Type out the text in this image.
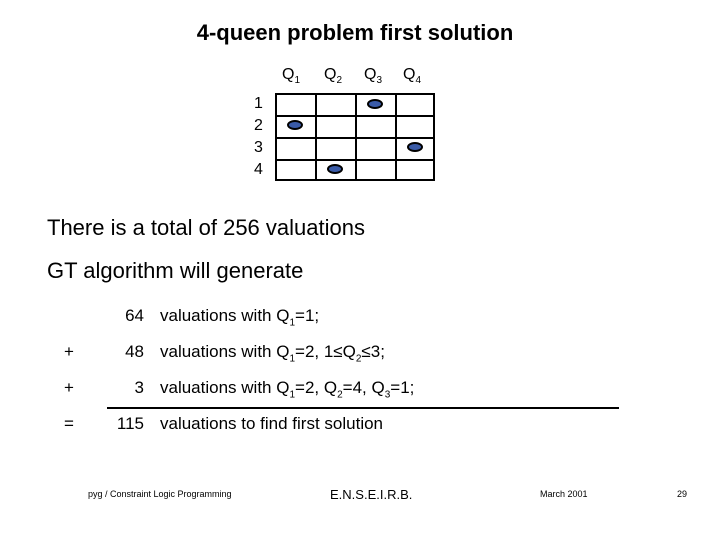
4-queen problem first solution
$Q_1$ $Q_2$ $Q_3$ $Q_4$
1
2
3
4
There is a total of 256 valuations
GT algorithm will generate
64 valuations with $Q_1=1$;
+	48 valuations with $Q_1=2$, $1\le Q_2\le 3$;
+	3 valuations with $Q_1=2$, $Q_2=4$, $Q_3=1$;
=	115 valuations to find first solution
pyg / Constraint Logic Programming	E.N.S.E.I.R.B.	March 2001	29
